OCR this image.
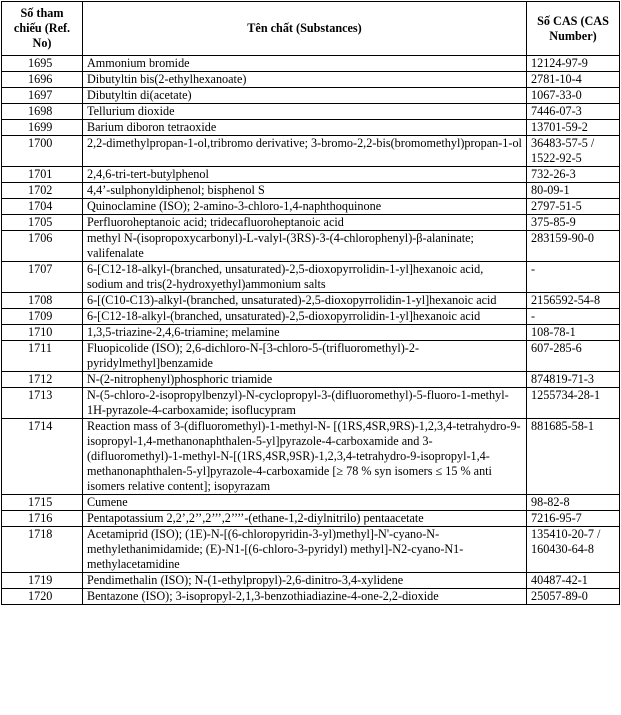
Số tham chiếu (Ref. No)	Tên chất (Substances)	Số CAS (CAS Number)
1695	Ammonium bromide	12124-97-9
1696	Dibutyltin bis(2-ethylhexanoate)	2781-10-4
1697	Dibutyltin di(acetate)	1067-33-0
1698	Tellurium dioxide	7446-07-3
1699	Barium diboron tetraoxide	13701-59-2
1700	2,2-dimethylpropan-1-ol,tribromo derivative; 3-bromo-2,2-bis(bromomethyl)propan-1-ol	36483-57-5 / 1522-92-5
1701	2,4,6-tri-tert-butylphenol	732-26-3
1702	4,4’-sulphonyldiphenol; bisphenol S	80-09-1
1704	Quinoclamine (ISO); 2-amino-3-chloro-1,4-naphthoquinone	2797-51-5
1705	Perfluoroheptanoic acid; tridecafluoroheptanoic acid	375-85-9
1706	methyl N-(isopropoxycarbonyl)-L-valyl-(3RS)-3-(4-chlorophenyl)-β-alaninate; valifenalate	283159-90-0
1707	6-[C12-18-alkyl-(branched, unsaturated)-2,5-dioxopyrrolidin-1-yl]hexanoic acid, sodium and tris(2-hydroxyethyl)ammonium salts	-
1708	6-[(C10-C13)-alkyl-(branched, unsaturated)-2,5-dioxopyrrolidin-1-yl]hexanoic acid	2156592-54-8
1709	6-[C12-18-alkyl-(branched, unsaturated)-2,5-dioxopyrrolidin-1-yl]hexanoic acid	-
1710	1,3,5-triazine-2,4,6-triamine; melamine	108-78-1
1711	Fluopicolide (ISO); 2,6-dichloro-N-[3-chloro-5-(trifluoromethyl)-2-pyridylmethyl]benzamide	607-285-6
1712	N-(2-nitrophenyl)phosphoric triamide	874819-71-3
1713	N-(5-chloro-2-isopropylbenzyl)-N-cyclopropyl-3-(difluoromethyl)-5-fluoro-1-methyl-1H-pyrazole-4-carboxamide; isoflucypram	1255734-28-1
1714	Reaction mass of 3-(difluoromethyl)-1-methyl-N- [(1RS,4SR,9RS)-1,2,3,4-tetrahydro-9-isopropyl-1,4-methanonaphthalen-5-yl]pyrazole-4-carboxamide and 3-(difluoromethyl)-1-methyl-N-[(1RS,4SR,9SR)-1,2,3,4-tetrahydro-9-isopropyl-1,4-methanonaphthalen-5-yl]pyrazole-4-carboxamide [≥ 78 % syn isomers ≤ 15 % anti isomers relative content]; isopyrazam	881685-58-1
1715	Cumene	98-82-8
1716	Pentapotassium 2,2’,2’’,2’’’,2’’’’-(ethane-1,2-diylnitrilo) pentaacetate	7216-95-7
1718	Acetamiprid (ISO); (1E)-N-[(6-chloropyridin-3-yl)methyl]-N'-cyano-N-methylethanimidamide; (E)-N1-[(6-chloro-3-pyridyl) methyl]-N2-cyano-N1-methylacetamidine	135410-20-7 / 160430-64-8
1719	Pendimethalin (ISO); N-(1-ethylpropyl)-2,6-dinitro-3,4-xylidene	40487-42-1
1720	Bentazone (ISO); 3-isopropyl-2,1,3-benzothiadiazine-4-one-2,2-dioxide	25057-89-0
